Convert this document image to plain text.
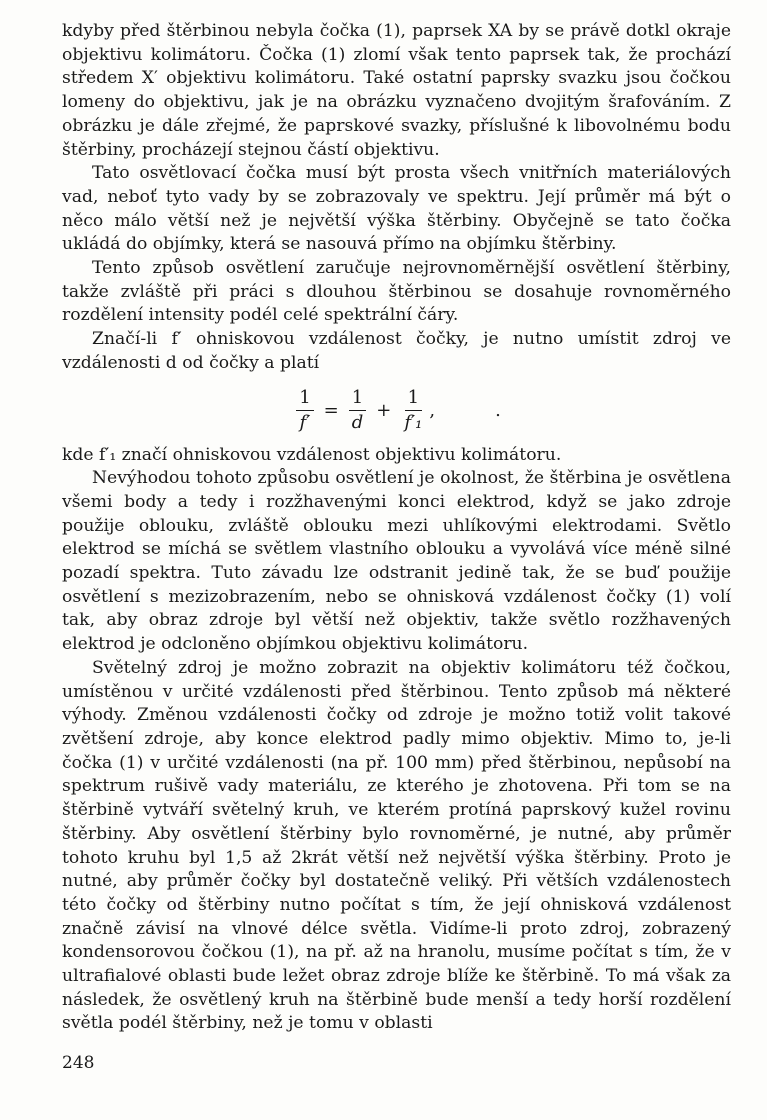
kdyby před štěrbinou nebyla čočka (1), paprsek XA by se právě dotkl okraje objektivu kolimátoru. Čočka (1) zlomí však tento paprsek tak, že prochází středem X′ objektivu kolimátoru. Také ostatní paprsky svazku jsou čočkou lomeny do objektivu, jak je na obrázku vyznačeno dvojitým šrafováním. Z obrázku je dále zřejmé, že paprskové svazky, příslušné k libovolnému bodu štěrbiny, procházejí stejnou částí objektivu.

Tato osvětlovací čočka musí být prosta všech vnitřních materiálových vad, neboť tyto vady by se zobrazovaly ve spektru. Její průměr má být o něco málo větší než je největší výška štěrbiny. Obyčejně se tato čočka ukládá do objímky, která se nasouvá přímo na objímku štěrbiny.

Tento způsob osvětlení zaručuje nejrovnoměrnější osvětlení štěrbiny, takže zvláště při práci s dlouhou štěrbinou se dosahuje rovnoměrného rozdělení intensity podél celé spektrální čáry.

Značí-li f′ ohniskovou vzdálenost čočky, je nutno umístit zdroj ve vzdálenosti d od čočky a platí

$\frac{1}{f'} = \frac{1}{d} + \frac{1}{\text{f′₁}}$ ,	.

kde f′₁ značí ohniskovou vzdálenost objektivu kolimátoru.

Nevýhodou tohoto způsobu osvětlení je okolnost, že štěrbina je osvětlena všemi body a tedy i rozžhavenými konci elektrod, když se jako zdroje použije oblouku, zvláště oblouku mezi uhlíkovými elektrodami. Světlo elektrod se míchá se světlem vlastního oblouku a vyvolává více méně silné pozadí spektra. Tuto závadu lze odstranit jedině tak, že se buď použije osvětlení s mezizobrazením, nebo se ohnisková vzdálenost čočky (1) volí tak, aby obraz zdroje byl větší než objektiv, takže světlo rozžhavených elektrod je odcloněno objímkou objektivu kolimátoru.

Světelný zdroj je možno zobrazit na objektiv kolimátoru též čočkou, umístěnou v určité vzdálenosti před štěrbinou. Tento způsob má některé výhody. Změnou vzdálenosti čočky od zdroje je možno totiž volit takové zvětšení zdroje, aby konce elektrod padly mimo objektiv. Mimo to, je-li čočka (1) v určité vzdálenosti (na př. 100 mm) před štěrbinou, nepůsobí na spektrum rušivě vady materiálu, ze kterého je zhotovena. Při tom se na štěrbině vytváří světelný kruh, ve kterém protíná paprskový kužel rovinu štěrbiny. Aby osvětlení štěrbiny bylo rovnoměrné, je nutné, aby průměr tohoto kruhu byl 1,5 až 2krát větší než největší výška štěrbiny. Proto je nutné, aby průměr čočky byl dostatečně veliký. Při větších vzdálenostech této čočky od štěrbiny nutno počítat s tím, že její ohnisková vzdálenost značně závisí na vlnové délce světla. Vidíme-li proto zdroj, zobrazený kondensorovou čočkou (1), na př. až na hranolu, musíme počítat s tím, že v ultrafialové oblasti bude ležet obraz zdroje blíže ke štěrbině. To má však za následek, že osvětlený kruh na štěrbině bude menší a tedy horší rozdělení světla podél štěrbiny, než je tomu v oblasti

248
